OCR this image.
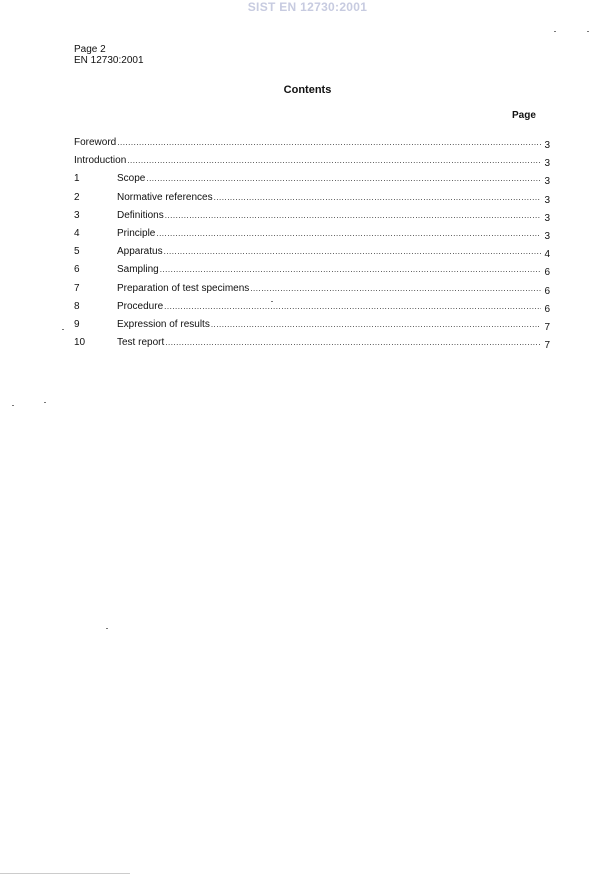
SIST EN 12730:2001
Page 2
EN 12730:2001
Contents
Page
Foreword .....	3
Introduction .....	3
1	Scope .....	3
2	Normative references .....	3
3	Definitions .....	3
4	Principle .....	3
5	Apparatus .....	4
6	Sampling .....	6
7	Preparation of test specimens .....	6
8	Procedure .....	6
9	Expression of results .....	7
10	Test report .....	7
